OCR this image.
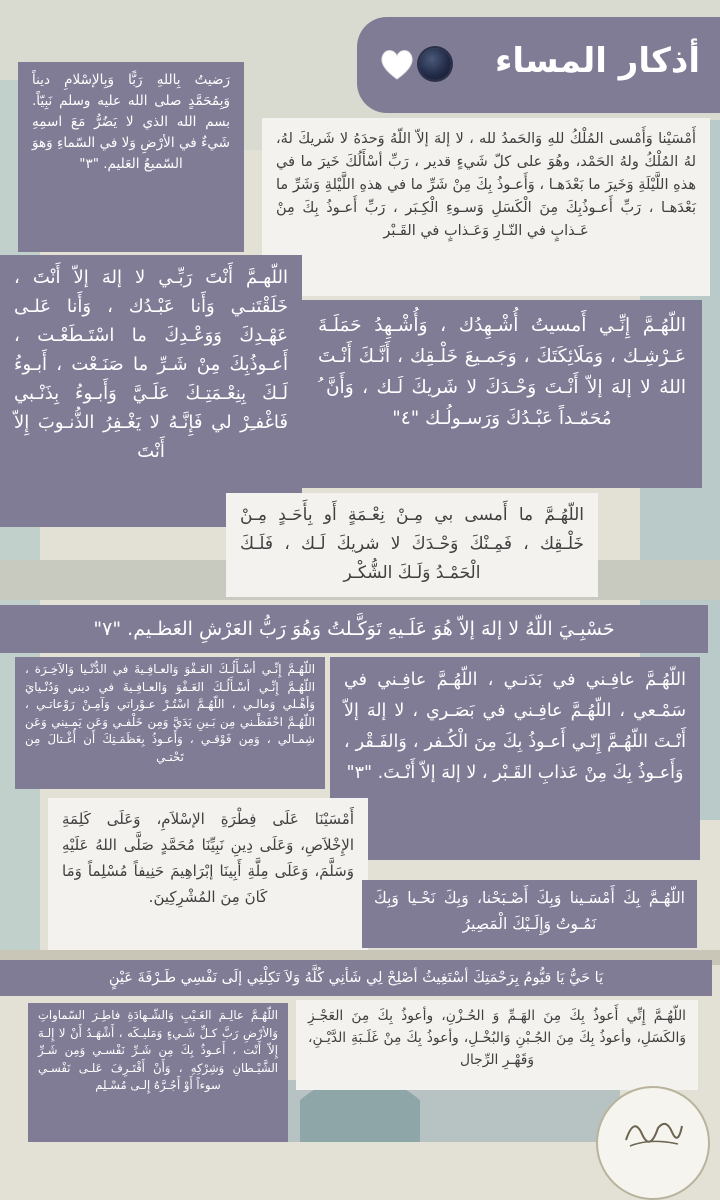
أذكار المساء
رَضيتُ بِاللهِ رَبًّا وَبِالإسْلامِ ديناً وَبِمُحَمَّدٍ صلى الله عليه وسلم نَبِيّاً. بسم الله الذي لا يَضُرُّ مَعَ اسمِهِ شَيءٌ في الأرْضِ وَلا في السّماءِ وَهوَ السّميعُ العَليم. "٣"
أَمْسَيْنا وَأَمْسى المُلْكُ للهِ وَالحَمدُ لله ، لا إلهَ إلاّ اللّهُ وَحدَهُ لا شَريكَ لهُ، لهُ المُلْكُ ولهُ الحَمْد، وهُوَ على كلّ شَيءٍ قدير ، رَبِّ أسْأَلُكَ خَيرَ ما في هذهِ اللَّيْلَةِ وَخَيرَ ما بَعْدَهـا ، وَأَعـوذُ بِكَ مِنْ شَرِّ ما في هذهِ اللَّيْلةِ وَشَرِّ ما بَعْدَهـا ، رَبِّ أَعـوذُبِكَ مِنَ الْكَسَلِ وَسـوءِ الْكِـبَر ، رَبِّ أَعـوذُ بِكَ مِنْ عَـذابٍ في النّـارِ وَعَـذابٍ في القَـبْر
اللّهـمَّ أَنْتَ رَبِّـي لا إلهَ إلاّ أَنْتَ ، خَلَقْتَنـي وَأَنا عَبْـدُك ، وَأَنا عَلـى عَهْـدِكَ وَوَعْـدِكَ ما اسْتَـطَعْـت ، أَعـوذُبِكَ مِنْ شَـرِّ ما صَنَـعْت ، أَبـوءُ لَـكَ بِنِعْـمَتِـكَ عَلَـيَّ وَأَبـوءُ بِذَنْـبي فَاغْفـِرْ لي فَإِنَّـهُ لا يَغْـفِرُ الذُّنـوبَ إِلاّ أَنْتَ
اللّهُـمَّ إِنِّـي أَمسيتُ أُشْـهِدُك ، وَأُشْـهِدُ حَمَلَـةَ عَـرْشِـك ، وَمَلَائِكَتَكَ ، وَجَمـيعَ خَلْـقِك ، أَنَّـكَ أَنْـتَ اللهُ لا إلهَ إلاّ أَنْـتَ وَحْـدَكَ لا شَريكَ لَـك ، وَأَنَّ ُ مُحَمّـداً عَبْـدُكَ وَرَسـولُـك "٤"
اللّهُـمَّ ما أَمسى بي مِـنْ نِعْـمَةٍ أَو بِأَحَـدٍ مِـنْ خَلْـقِك ، فَمِـنْكَ وَحْـدَكَ لا شريكَ لَـك ، فَلَـكَ الْحَمْـدُ وَلَـكَ الشُّكْـر
حَسْبِـيَ اللّهُ لا إلهَ إلاّ هُوَ عَلَـيهِ تَوَكَّـلتُ وَهُوَ رَبُّ العَرْشِ العَظـيم. "٧"
اللّهُـمَّ إِنِّـي أسْـأَلُـكَ العَـفْوَ وَالعـافِـيةَ في الدُّنْـيا وَالآخِـرَة ، اللّهُـمَّ إِنِّـي أسْـأَلُـكَ العَـفْوَ وَالعـافِـيةَ في ديني وَدُنْـيايَ وَأهْـلي وَمالـي ، اللّهُـمَّ اسْتُـرْ عـوْراتي وَآمِـنْ رَوْعاتـي ، اللّهُـمَّ احْفَظْـني مِن بَـينِ يَدَيَّ وَمِن خَلْفـي وَعَن يَمـيني وَعَن شِمـالي ، وَمِن فَوْقـي ، وَأَعـوذُ بِعَظَمَـتِكَ أَن أُغْـتالَ مِن تَحْتـي
اللّهُـمَّ عافِـني في بَدَنـي ، اللّهُـمَّ عافِـني في سَمْـعي ، اللّهُـمَّ عافِـني في بَصَـري ، لا إلهَ إلاّ أَنْـتَ اللّهُـمَّ إِنّـي أَعـوذُ بِكَ مِنَ الْكُـفر ، وَالفَـقْر ، وَأَعـوذُ بِكَ مِنْ عَذابِ القَـبْر ، لا إلهَ إلاّ أَنْـتَ. "٣"
أَمْسَيْنَا عَلَى فِطْرَةِ الإسْلاَمِ، وَعَلَى كَلِمَةِ الإِخْلاَصِ، وَعَلَى دِينِ نَبِيِّنَا مُحَمَّدٍ صَلَّى اللهُ عَلَيْهِ وَسَلَّمَ، وَعَلَى مِلَّةِ أَبِينَا إبْرَاهِيمَ حَنِيفاً مُسْلِماً وَمَا كَانَ مِنَ المُشْرِكِينَ.	اللّهُـمَّ بِكَ أَمْسَـينا وَبِكَ أَصْـبَحْنا، وَبِكَ نَحْـيا وَبِكَ نَمُـوتُ وَإِلَـيْكَ الْمَصِيرُ
يَا حَيُّ يَا قيُّومُ بِرَحْمَتِكَ أسْتَغِيثُ أصْلِحْ لِي شَأنِي كُلَّهُ وَلاَ تَكِلْنِي إلَى نَفْسِي طَـرْفَةَ عَيْنٍ
اللّهُـمَّ عالِـمَ الغَـيْبِ وَالشّـهادَةِ فاطِـرَ السّماواتِ وَالأرْضِ رَبَّ كـلِّ شَـيءٍ وَمَليـكَه ، أَشْهَـدُ أَنْ لا إِلـهَ إِلاّ أَنْت ، أَعـوذُ بِكَ مِن شَـرِّ نَفْسـي وَمِن شَـرِّ الشَّيْـطانِ وَشِرْكِهِ ، وَأَنْ أَقْتَـرِفَ عَلـى نَفْسـي سوءاً أَوْ أَجُـرَّهُ إِلـى مُسْـلِم
اللّهُـمَّ إِنِّي أَعوذُ بِكَ مِنَ الهَـمِّ وَ الحُـزْنِ، وأعوذُ بِكَ مِنَ العَجْـزِ وَالكَسَلِ، وأعوذُ بِكَ مِنَ الجُـبْنِ وَالبُخْـلِ، وأعوذُ بِكَ مِنْ غَلَـبَةِ الدَّيْـنِ، وَقَهْـرِ الرِّجال
